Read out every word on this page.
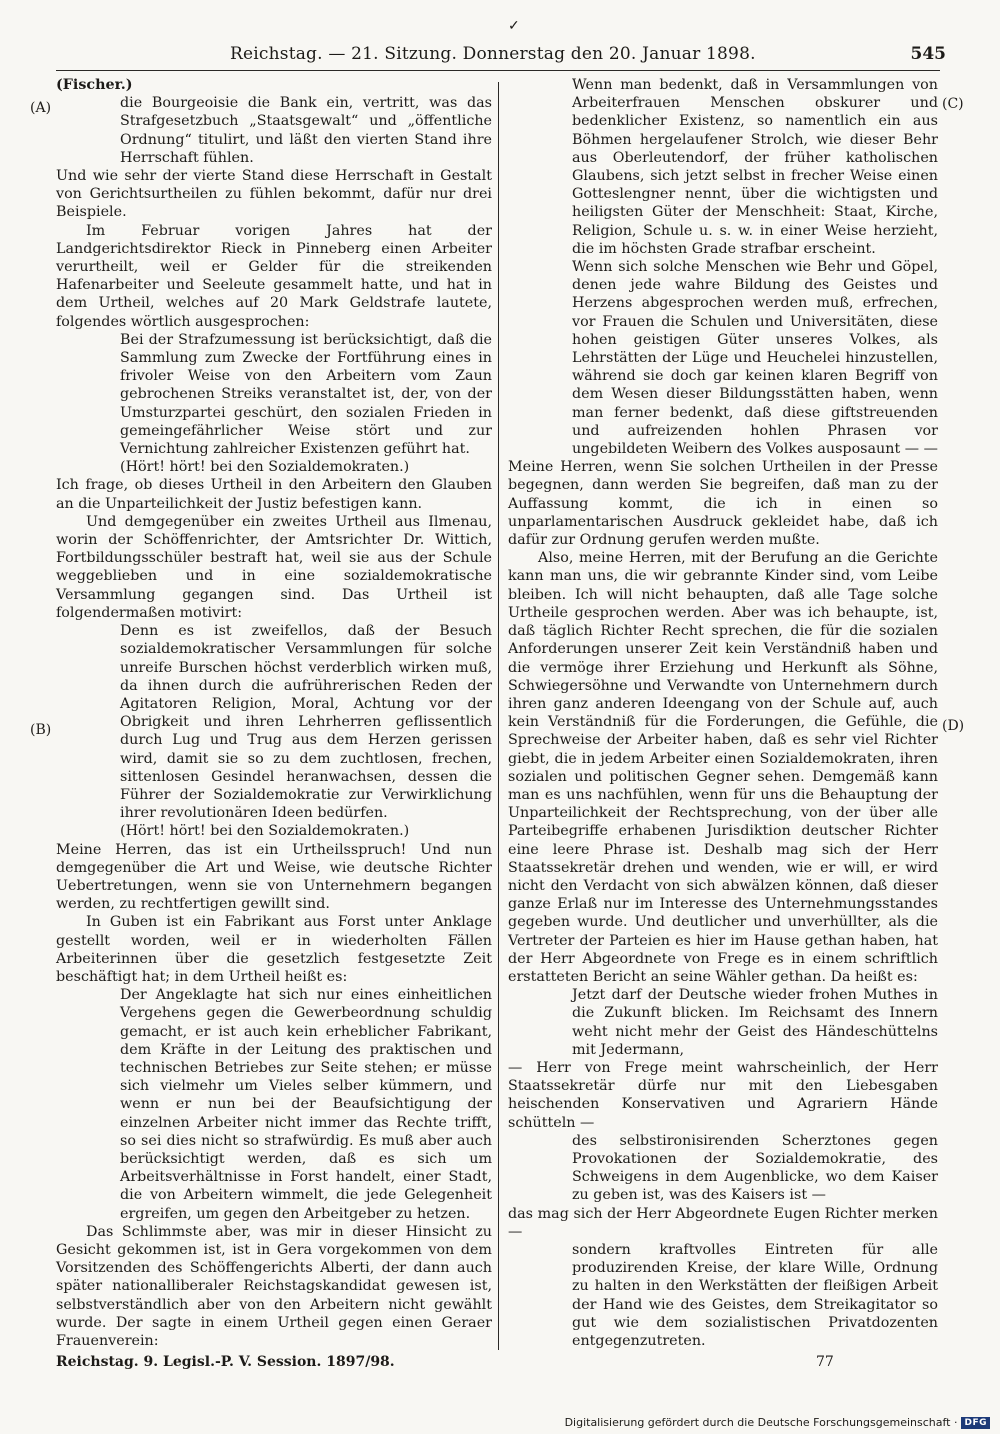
✓
Reichstag. — 21. Sitzung. Donnerstag den 20. Januar 1898.	545
(A)
(B)
(C)
(D)

(Fischer.)

die Bourgeoisie die Bank ein, vertritt, was das Strafgesetzbuch „Staatsgewalt“ und „öffentliche Ordnung“ titulirt, und läßt den vierten Stand ihre Herrschaft fühlen.

Und wie sehr der vierte Stand diese Herrschaft in Gestalt von Gerichtsurtheilen zu fühlen bekommt, dafür nur drei Beispiele.

Im Februar vorigen Jahres hat der Landgerichtsdirektor Rieck in Pinneberg einen Arbeiter verurtheilt, weil er Gelder für die streikenden Hafenarbeiter und Seeleute gesammelt hatte, und hat in dem Urtheil, welches auf 20 Mark Geldstrafe lautete, folgendes wörtlich ausgesprochen:

Bei der Strafzumessung ist berücksichtigt, daß die Sammlung zum Zwecke der Fortführung eines in frivoler Weise von den Arbeitern vom Zaun gebrochenen Streiks veranstaltet ist, der, von der Umsturzpartei geschürt, den sozialen Frieden in gemeingefährlicher Weise stört und zur Vernichtung zahlreicher Existenzen geführt hat.

(Hört! hört! bei den Sozialdemokraten.)

Ich frage, ob dieses Urtheil in den Arbeitern den Glauben an die Unparteilichkeit der Justiz befestigen kann.

Und demgegenüber ein zweites Urtheil aus Ilmenau, worin der Schöffenrichter, der Amtsrichter Dr. Wittich, Fortbildungsschüler bestraft hat, weil sie aus der Schule weggeblieben und in eine sozialdemokratische Versammlung gegangen sind. Das Urtheil ist folgendermaßen motivirt:

Denn es ist zweifellos, daß der Besuch sozialdemokratischer Versammlungen für solche unreife Burschen höchst verderblich wirken muß, da ihnen durch die aufrührerischen Reden der Agitatoren Religion, Moral, Achtung vor der Obrigkeit und ihren Lehrherren geflissentlich durch Lug und Trug aus dem Herzen gerissen wird, damit sie so zu dem zuchtlosen, frechen, sittenlosen Gesindel heranwachsen, dessen die Führer der Sozialdemokratie zur Verwirklichung ihrer revolutionären Ideen bedürfen.

(Hört! hört! bei den Sozialdemokraten.)

Meine Herren, das ist ein Urtheilsspruch! Und nun demgegenüber die Art und Weise, wie deutsche Richter Uebertretungen, wenn sie von Unternehmern begangen werden, zu rechtfertigen gewillt sind.

In Guben ist ein Fabrikant aus Forst unter Anklage gestellt worden, weil er in wiederholten Fällen Arbeiterinnen über die gesetzlich festgesetzte Zeit beschäftigt hat; in dem Urtheil heißt es:

Der Angeklagte hat sich nur eines einheitlichen Vergehens gegen die Gewerbeordnung schuldig gemacht, er ist auch kein erheblicher Fabrikant, dem Kräfte in der Leitung des praktischen und technischen Betriebes zur Seite stehen; er müsse sich vielmehr um Vieles selber kümmern, und wenn er nun bei der Beaufsichtigung der einzelnen Arbeiter nicht immer das Rechte trifft, so sei dies nicht so strafwürdig. Es muß aber auch berücksichtigt werden, daß es sich um Arbeitsverhältnisse in Forst handelt, einer Stadt, die von Arbeitern wimmelt, die jede Gelegenheit ergreifen, um gegen den Arbeitgeber zu hetzen.

Das Schlimmste aber, was mir in dieser Hinsicht zu Gesicht gekommen ist, ist in Gera vorgekommen von dem Vorsitzenden des Schöffengerichts Alberti, der dann auch später nationalliberaler Reichstagskandidat gewesen ist, selbstverständlich aber von den Arbeitern nicht gewählt wurde. Der sagte in einem Urtheil gegen einen Geraer Frauenverein:

Wenn man bedenkt, daß in Versammlungen von Arbeiterfrauen Menschen obskurer und bedenklicher Existenz, so namentlich ein aus Böhmen hergelaufener Strolch, wie dieser Behr aus Oberleutendorf, der früher katholischen Glaubens, sich jetzt selbst in frecher Weise einen Gotteslengner nennt, über die wichtigsten und heiligsten Güter der Menschheit: Staat, Kirche, Religion, Schule u. s. w. in einer Weise herzieht, die im höchsten Grade strafbar erscheint.

Wenn sich solche Menschen wie Behr und Göpel, denen jede wahre Bildung des Geistes und Herzens abgesprochen werden muß, erfrechen, vor Frauen die Schulen und Universitäten, diese hohen geistigen Güter unseres Volkes, als Lehrstätten der Lüge und Heuchelei hinzustellen, während sie doch gar keinen klaren Begriff von dem Wesen dieser Bildungsstätten haben, wenn man ferner bedenkt, daß diese giftstreuenden und aufreizenden hohlen Phrasen vor ungebildeten Weibern des Volkes ausposaunt — —

Meine Herren, wenn Sie solchen Urtheilen in der Presse begegnen, dann werden Sie begreifen, daß man zu der Auffassung kommt, die ich in einen so unparlamentarischen Ausdruck gekleidet habe, daß ich dafür zur Ordnung gerufen werden mußte.

Also, meine Herren, mit der Berufung an die Gerichte kann man uns, die wir gebrannte Kinder sind, vom Leibe bleiben. Ich will nicht behaupten, daß alle Tage solche Urtheile gesprochen werden. Aber was ich behaupte, ist, daß täglich Richter Recht sprechen, die für die sozialen Anforderungen unserer Zeit kein Verständniß haben und die vermöge ihrer Erziehung und Herkunft als Söhne, Schwiegersöhne und Verwandte von Unternehmern durch ihren ganz anderen Ideengang von der Schule auf, auch kein Verständniß für die Forderungen, die Gefühle, die Sprechweise der Arbeiter haben, daß es sehr viel Richter giebt, die in jedem Arbeiter einen Sozialdemokraten, ihren sozialen und politischen Gegner sehen. Demgemäß kann man es uns nachfühlen, wenn für uns die Behauptung der Unparteilichkeit der Rechtsprechung, von der über alle Parteibegriffe erhabenen Jurisdiktion deutscher Richter eine leere Phrase ist. Deshalb mag sich der Herr Staatssekretär drehen und wenden, wie er will, er wird nicht den Verdacht von sich abwälzen können, daß dieser ganze Erlaß nur im Interesse des Unternehmungsstandes gegeben wurde. Und deutlicher und unverhüllter, als die Vertreter der Parteien es hier im Hause gethan haben, hat der Herr Abgeordnete von Frege es in einem schriftlich erstatteten Bericht an seine Wähler gethan. Da heißt es:

Jetzt darf der Deutsche wieder frohen Muthes in die Zukunft blicken. Im Reichsamt des Innern weht nicht mehr der Geist des Händeschüttelns mit Jedermann,

— Herr von Frege meint wahrscheinlich, der Herr Staatssekretär dürfe nur mit den Liebesgaben heischenden Konservativen und Agrariern Hände schütteln —

des selbstironisirenden Scherztones gegen Provokationen der Sozialdemokratie, des Schweigens in dem Augenblicke, wo dem Kaiser zu geben ist, was des Kaisers ist —

das mag sich der Herr Abgeordnete Eugen Richter merken —

sondern kraftvolles Eintreten für alle produzirenden Kreise, der klare Wille, Ordnung zu halten in den Werkstätten der fleißigen Arbeit der Hand wie des Geistes, dem Streikagitator so gut wie dem sozialistischen Privatdozenten entgegenzutreten.

Reichstag. 9. Legisl.-P. V. Session. 1897/98.	77
Digitalisierung gefördert durch die Deutsche Forschungsgemeinschaft · DFG
